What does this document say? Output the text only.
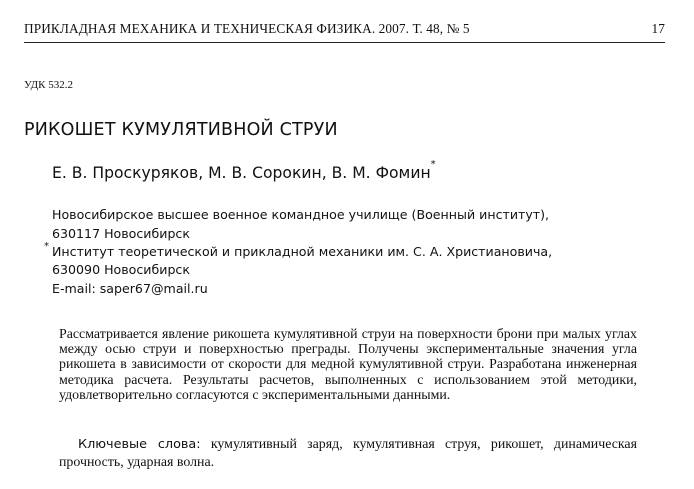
ПРИКЛАДНАЯ МЕХАНИКА И ТЕХНИЧЕСКАЯ ФИЗИКА. 2007. Т. 48, № 5	17
УДК 532.2
РИКОШЕТ КУМУЛЯТИВНОЙ СТРУИ
Е. В. Проскуряков, М. В. Сорокин, В. М. Фомин*
Новосибирское высшее военное командное училище (Военный институт),
630117 Новосибирск
* Институт теоретической и прикладной механики им. С. А. Христиановича,
630090 Новосибирск
E-mail: saper67@mail.ru

Рассматривается явление рикошета кумулятивной струи на поверхности брони при малых углах между осью струи и поверхностью преграды. Получены экспериментальные значения угла рикошета в зависимости от скорости для медной кумулятивной струи. Разработана инженерная методика расчета. Результаты расчетов, выполненных с использованием этой методики, удовлетворительно согласуются с экспериментальными данными.

Ключевые слова: кумулятивный заряд, кумулятивная струя, рикошет, динамическая прочность, ударная волна.
